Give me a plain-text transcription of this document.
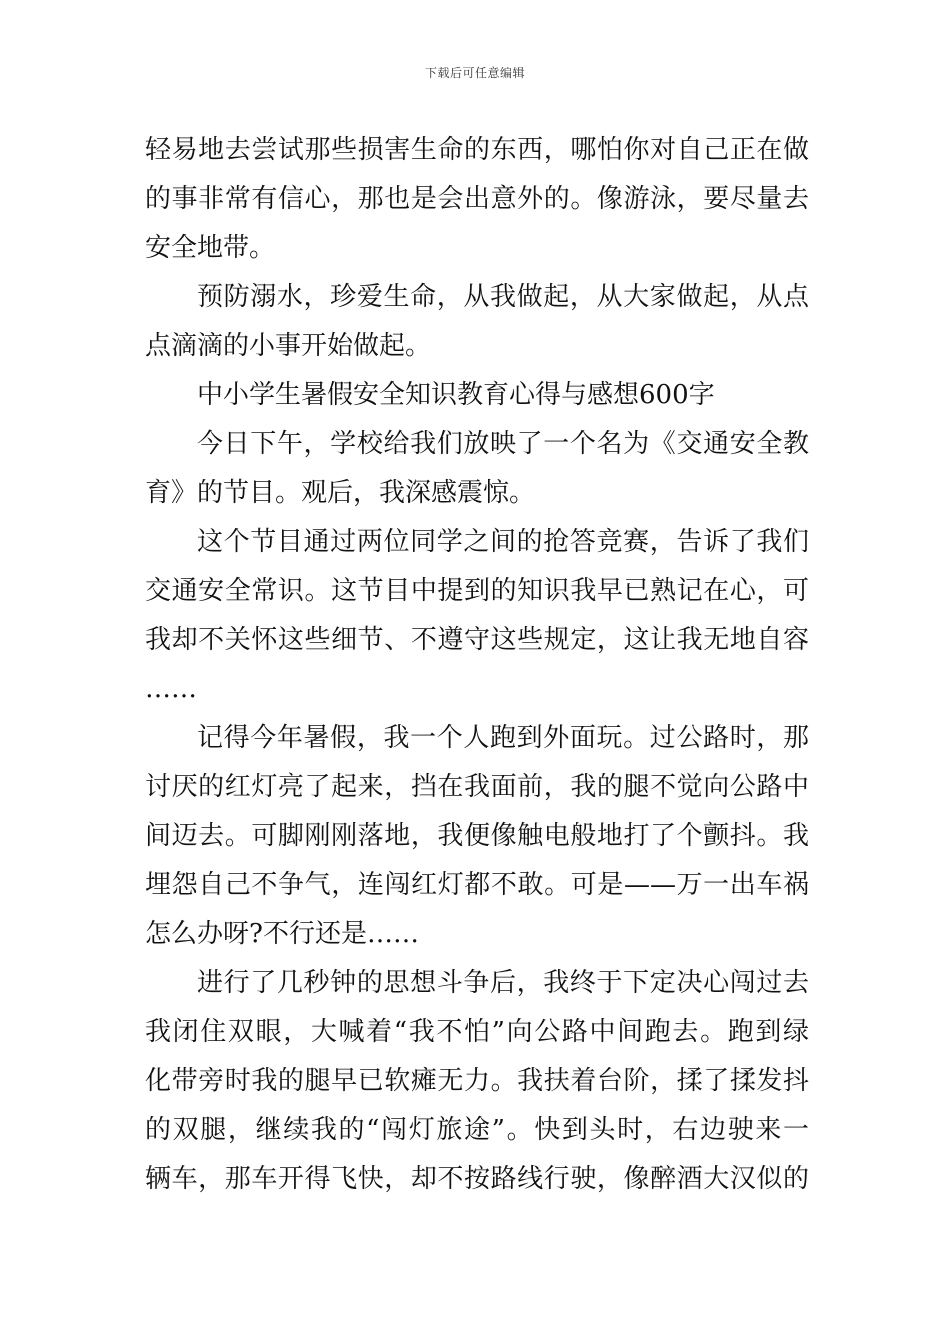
下载后可任意编辑
轻易地去尝试那些损害生命的东西，哪怕你对自己正在做
的事非常有信心，那也是会出意外的。像游泳，要尽量去
安全地带。
预防溺水，珍爱生命，从我做起，从大家做起，从点
点滴滴的小事开始做起。
中小学生暑假安全知识教育心得与感想600字
今日下午，学校给我们放映了一个名为《交通安全教
育》的节目。观后，我深感震惊。
这个节目通过两位同学之间的抢答竞赛，告诉了我们
交通安全常识。这节目中提到的知识我早已熟记在心，可
我却不关怀这些细节、不遵守这些规定，这让我无地自容
……
记得今年暑假，我一个人跑到外面玩。过公路时，那
讨厌的红灯亮了起来，挡在我面前，我的腿不觉向公路中
间迈去。可脚刚刚落地，我便像触电般地打了个颤抖。我
埋怨自己不争气，连闯红灯都不敢。可是——万一出车祸
怎么办呀?不行还是……
进行了几秒钟的思想斗争后，我终于下定决心闯过去
我闭住双眼，大喊着“我不怕”向公路中间跑去。跑到绿
化带旁时我的腿早已软瘫无力。我扶着台阶，揉了揉发抖
的双腿，继续我的“闯灯旅途”。快到头时，右边驶来一
辆车，那车开得飞快，却不按路线行驶，像醉酒大汉似的
